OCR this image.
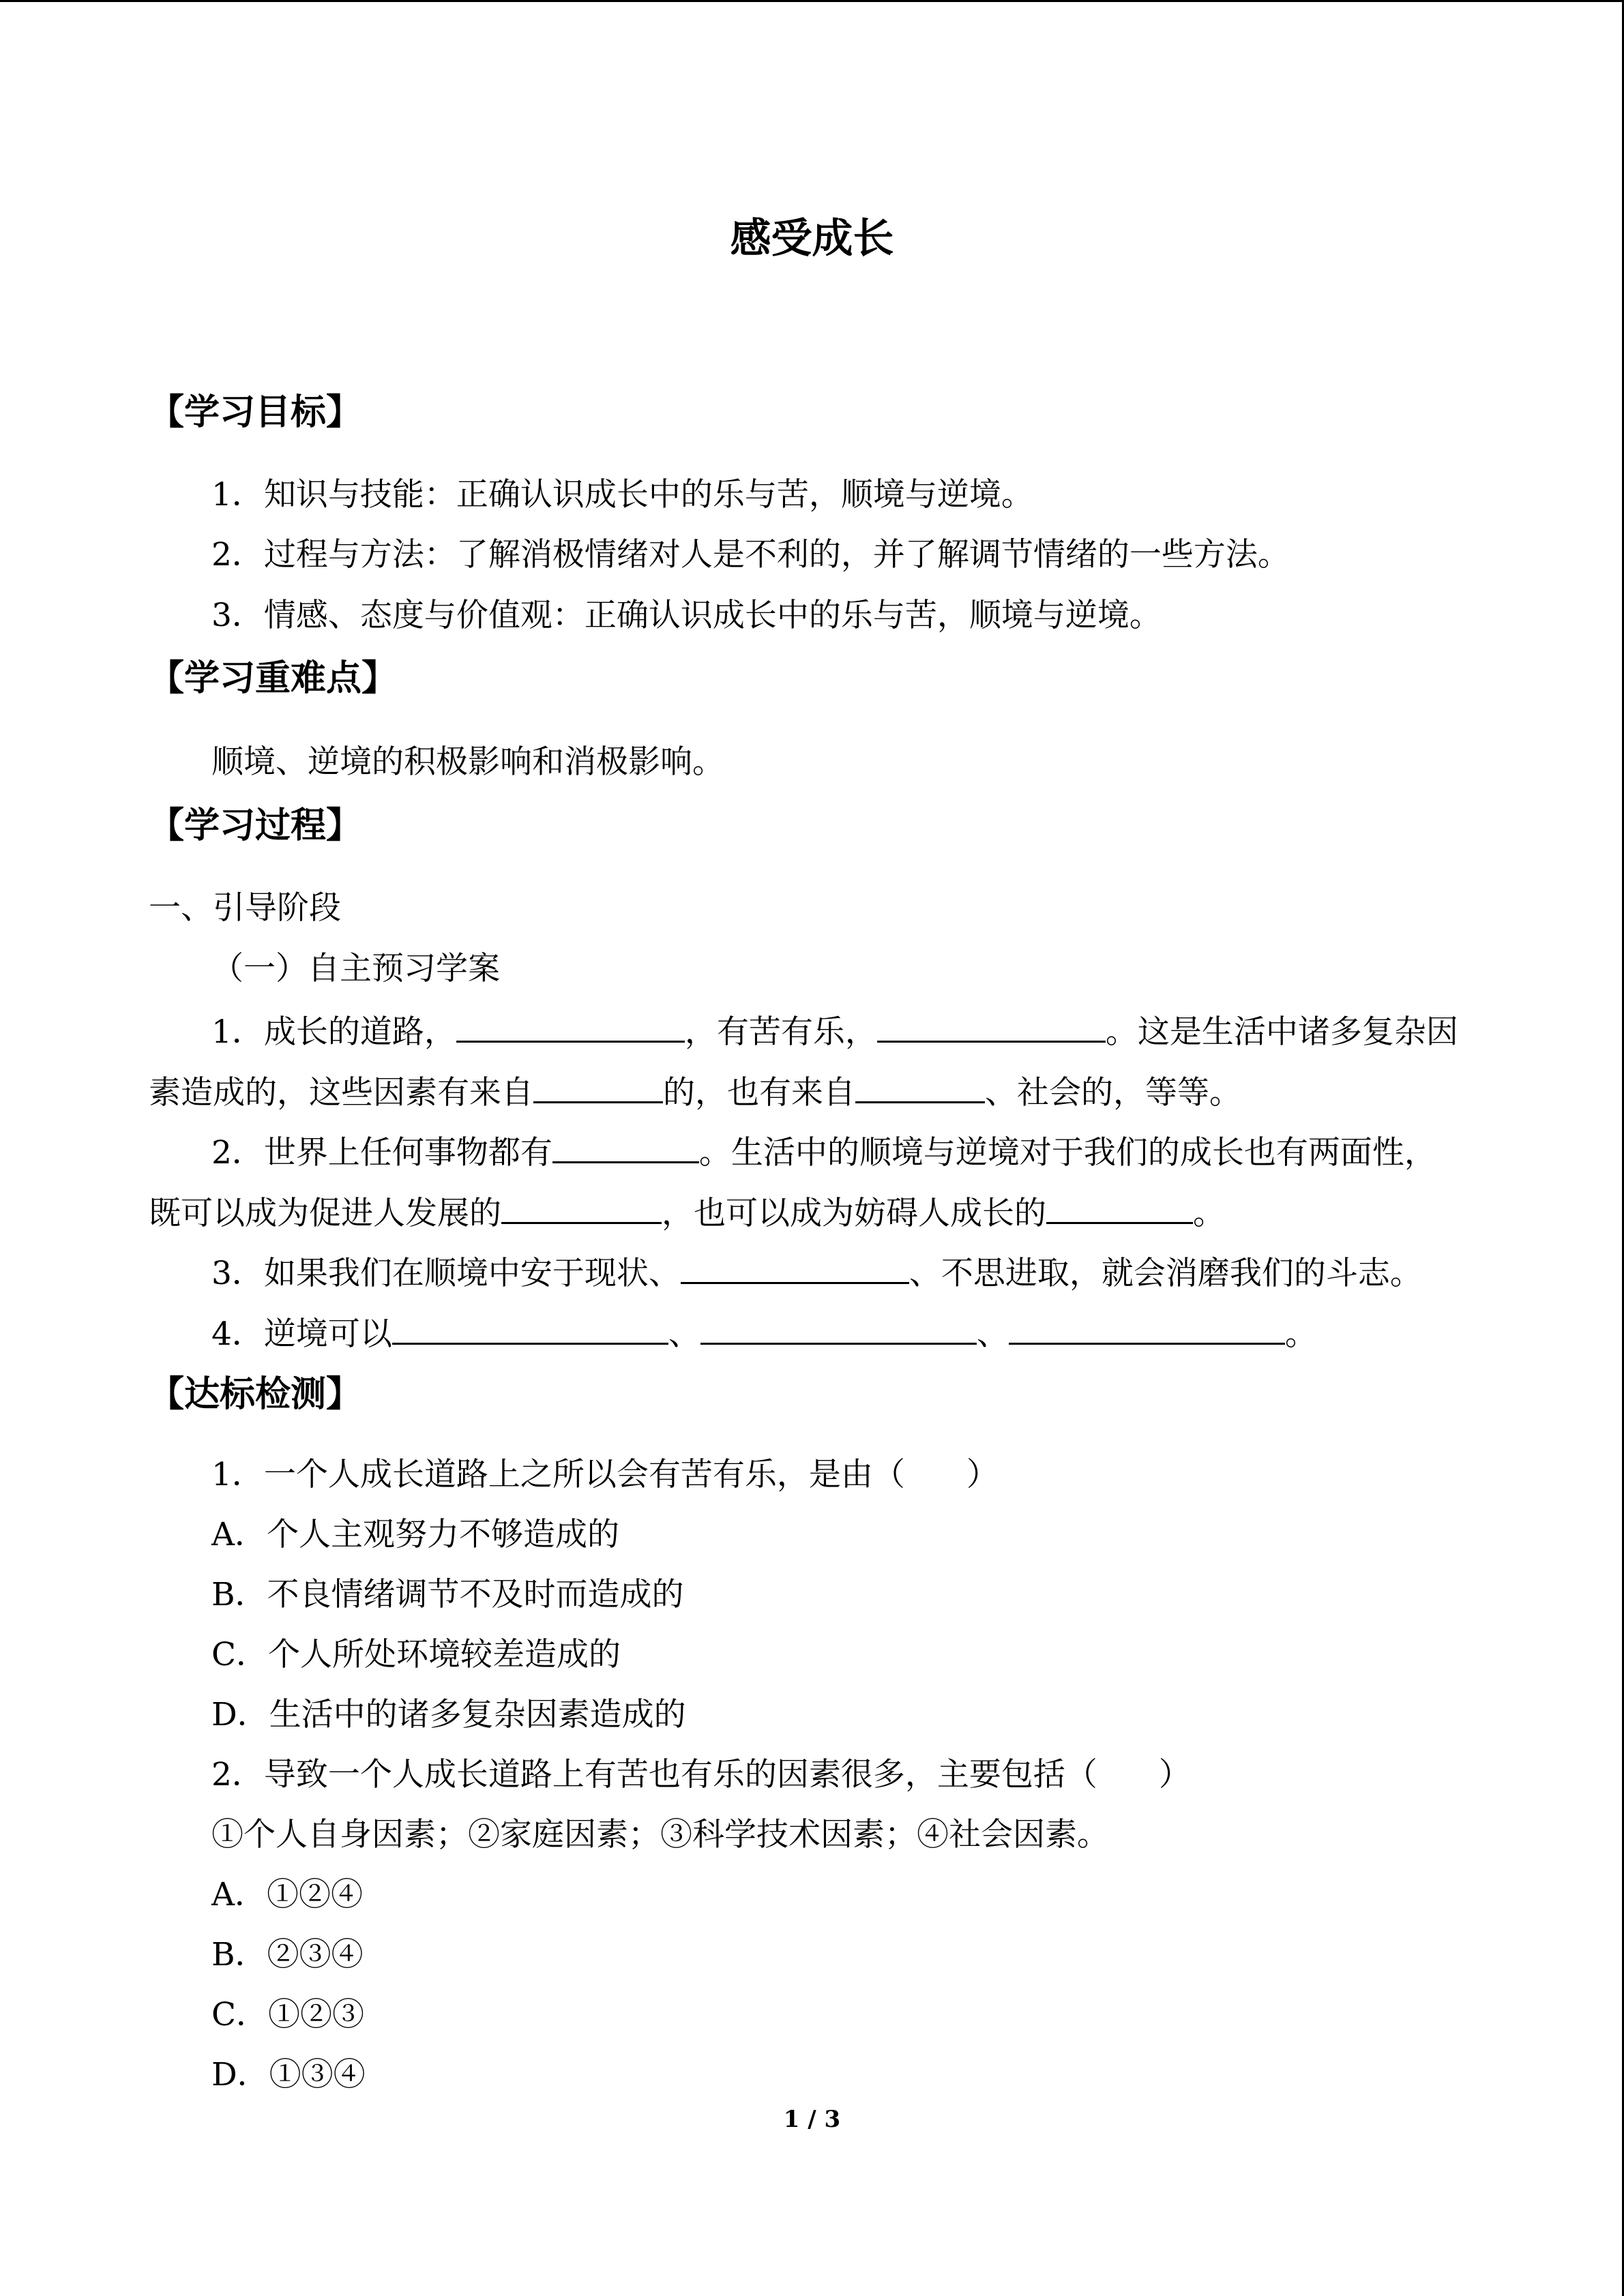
感受成长
【学习目标】
1．知识与技能：正确认识成长中的乐与苦，顺境与逆境。
2．过程与方法：了解消极情绪对人是不利的，并了解调节情绪的一些方法。
3．情感、态度与价值观：正确认识成长中的乐与苦，顺境与逆境。
【学习重难点】
顺境、逆境的积极影响和消极影响。
【学习过程】
一、引导阶段
（一）自主预习学案
1．成长的道路，	，有苦有乐，	。这是生活中诸多复杂因
素造成的，这些因素有来自	的，也有来自	、社会的，等等。
2．世界上任何事物都有	。生活中的顺境与逆境对于我们的成长也有两面性，
既可以成为促进人发展的	，也可以成为妨碍人成长的	。
3．如果我们在顺境中安于现状、	、不思进取，就会消磨我们的斗志。
4．逆境可以	、	、	。
【达标检测】
1．一个人成长道路上之所以会有苦有乐，是由（ ）
A．个人主观努力不够造成的
B．不良情绪调节不及时而造成的
C．个人所处环境较差造成的
D．生活中的诸多复杂因素造成的
2．导致一个人成长道路上有苦也有乐的因素很多，主要包括（ ）
①个人自身因素；②家庭因素；③科学技术因素；④社会因素。
A．①②④
B．②③④
C．①②③
D．①③④
1 / 3
